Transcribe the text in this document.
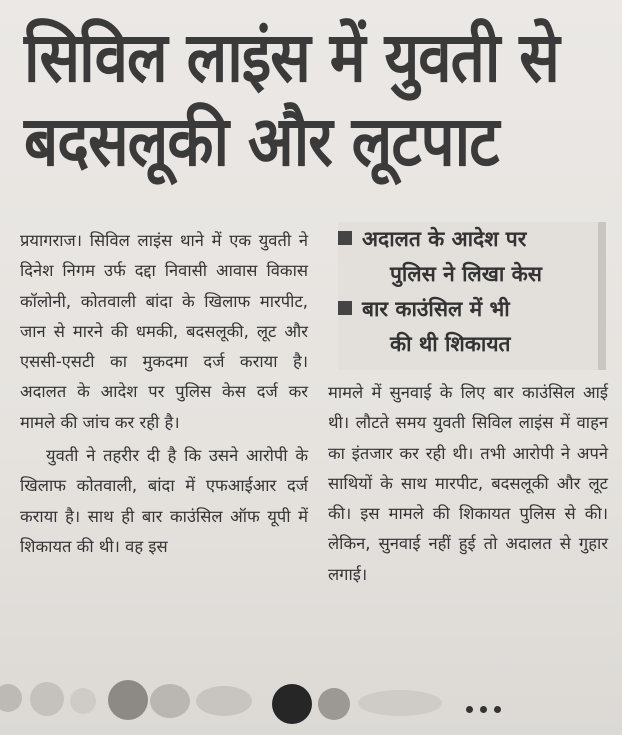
सिविल लाइंस में युवती से
बदसलूकी और लूटपाट

प्रयागराज। सिविल लाइंस थाने में एक युवती ने दिनेश निगम उर्फ दद्दा निवासी आवास विकास कॉलोनी, कोतवाली बांदा के खिलाफ मारपीट, जान से मारने की धमकी, बदसलूकी, लूट और एससी-एसटी का मुकदमा दर्ज कराया है। अदालत के आदेश पर पुलिस केस दर्ज कर मामले की जांच कर रही है।

युवती ने तहरीर दी है कि उसने आरोपी के खिलाफ कोतवाली, बांदा में एफआईआर दर्ज कराया है। साथ ही बार काउंसिल ऑफ यूपी में शिकायत की थी। वह इस

अदालत के आदेश पर
पुलिस ने लिखा केस
बार काउंसिल में भी
की थी शिकायत

मामले में सुनवाई के लिए बार काउंसिल आई थी। लौटते समय युवती सिविल लाइंस में वाहन का इंतजार कर रही थी। तभी आरोपी ने अपने साथियों के साथ मारपीट, बदसलूकी और लूट की। इस मामले की शिकायत पुलिस से की। लेकिन, सुनवाई नहीं हुई तो अदालत से गुहार लगाई।
